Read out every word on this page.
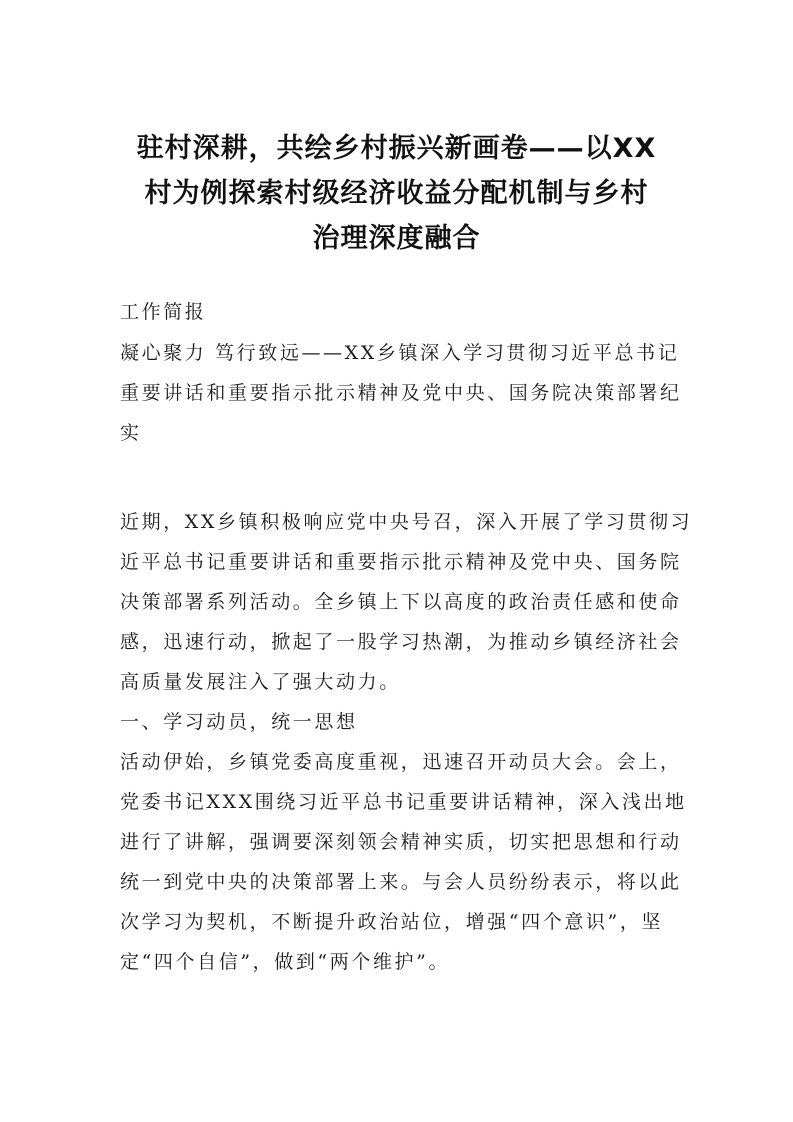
驻村深耕，共绘乡村振兴新画卷——以XX
村为例探索村级经济收益分配机制与乡村
治理深度融合
工作简报
凝心聚力 笃行致远——XX乡镇深入学习贯彻习近平总书记
重要讲话和重要指示批示精神及党中央、国务院决策部署纪
实
近期，XX乡镇积极响应党中央号召，深入开展了学习贯彻习
近平总书记重要讲话和重要指示批示精神及党中央、国务院
决策部署系列活动。全乡镇上下以高度的政治责任感和使命
感，迅速行动，掀起了一股学习热潮，为推动乡镇经济社会
高质量发展注入了强大动力。
一、学习动员，统一思想
活动伊始，乡镇党委高度重视，迅速召开动员大会。会上，
党委书记XXX围绕习近平总书记重要讲话精神，深入浅出地
进行了讲解，强调要深刻领会精神实质，切实把思想和行动
统一到党中央的决策部署上来。与会人员纷纷表示，将以此
次学习为契机，不断提升政治站位，增强“四个意识”，坚
定“四个自信”，做到“两个维护”。
